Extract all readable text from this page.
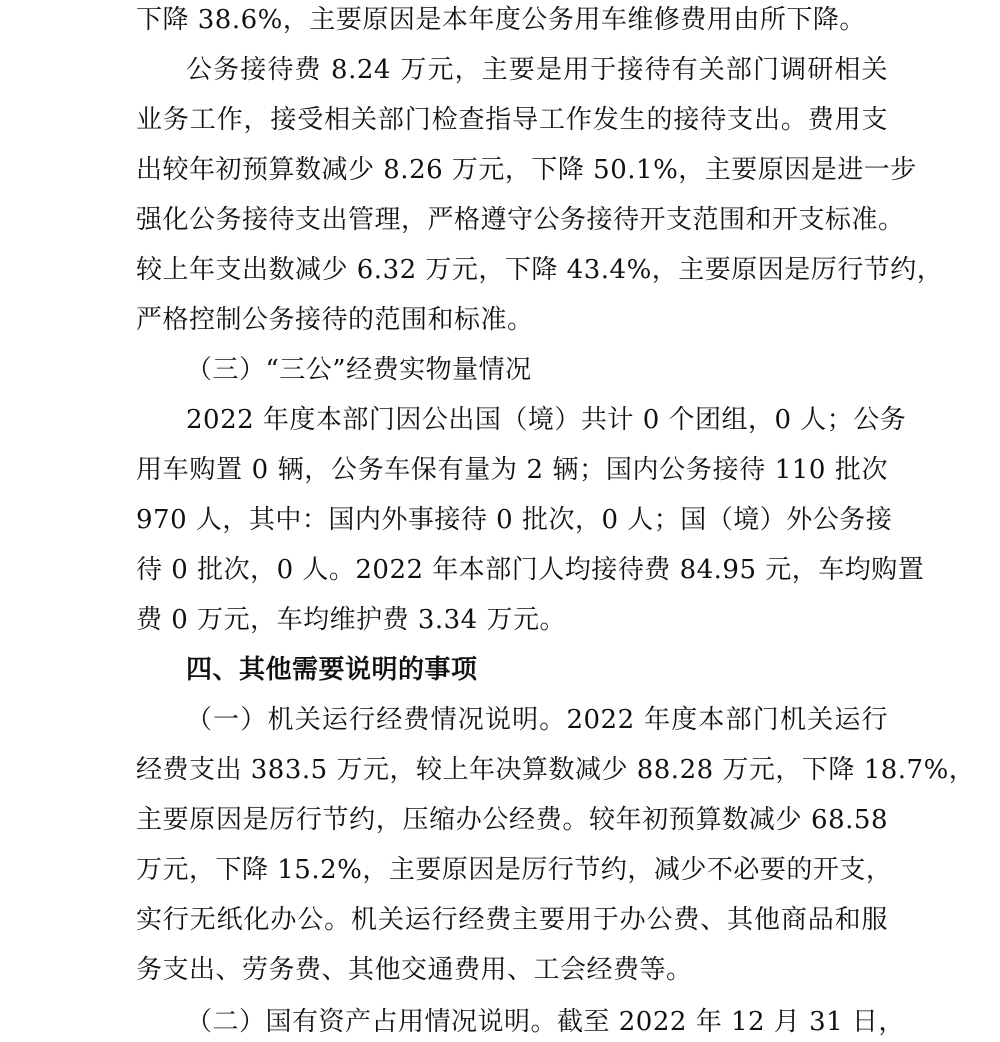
下降 38.6%，主要原因是本年度公务用车维修费用由所下降。
公务接待费 8.24 万元，主要是用于接待有关部门调研相关
业务工作，接受相关部门检查指导工作发生的接待支出。费用支
出较年初预算数减少 8.26 万元，下降 50.1%，主要原因是进一步
强化公务接待支出管理，严格遵守公务接待开支范围和开支标准。
较上年支出数减少 6.32 万元，下降 43.4%，主要原因是厉行节约，
严格控制公务接待的范围和标准。
（三）“三公”经费实物量情况
2022 年度本部门因公出国（境）共计 0 个团组，0 人；公务
用车购置 0 辆，公务车保有量为 2 辆；国内公务接待 110 批次
970 人，其中：国内外事接待 0 批次，0 人；国（境）外公务接
待 0 批次，0 人。2022 年本部门人均接待费 84.95 元，车均购置
费 0 万元，车均维护费 3.34 万元。
四、其他需要说明的事项
（一）机关运行经费情况说明。2022 年度本部门机关运行
经费支出 383.5 万元，较上年决算数减少 88.28 万元，下降 18.7%，
主要原因是厉行节约，压缩办公经费。较年初预算数减少 68.58
万元，下降 15.2%，主要原因是厉行节约，减少不必要的开支，
实行无纸化办公。机关运行经费主要用于办公费、其他商品和服
务支出、劳务费、其他交通费用、工会经费等。
（二）国有资产占用情况说明。截至 2022 年 12 月 31 日，
